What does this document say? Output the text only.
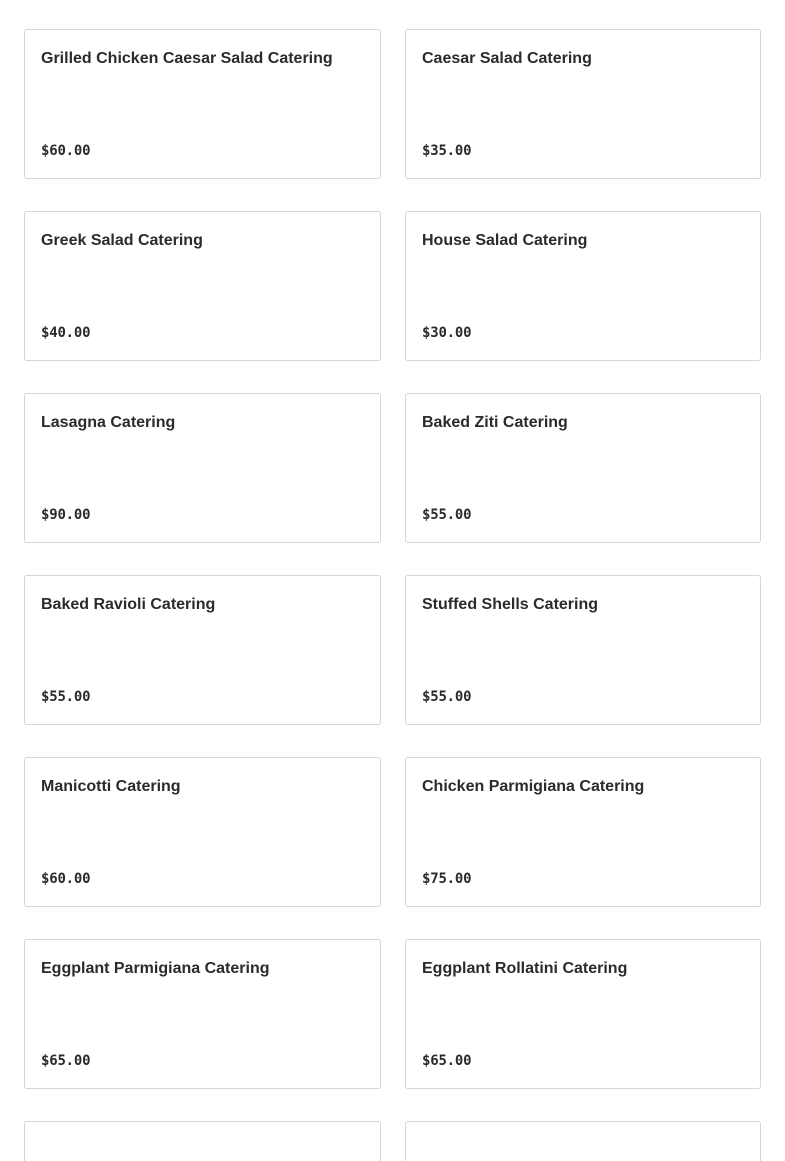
Grilled Chicken Caesar Salad Catering
$60.00
Caesar Salad Catering
$35.00
Greek Salad Catering
$40.00
House Salad Catering
$30.00
Lasagna Catering
$90.00
Baked Ziti Catering
$55.00
Baked Ravioli Catering
$55.00
Stuffed Shells Catering
$55.00
Manicotti Catering
$60.00
Chicken Parmigiana Catering
$75.00
Eggplant Parmigiana Catering
$65.00
Eggplant Rollatini Catering
$65.00
